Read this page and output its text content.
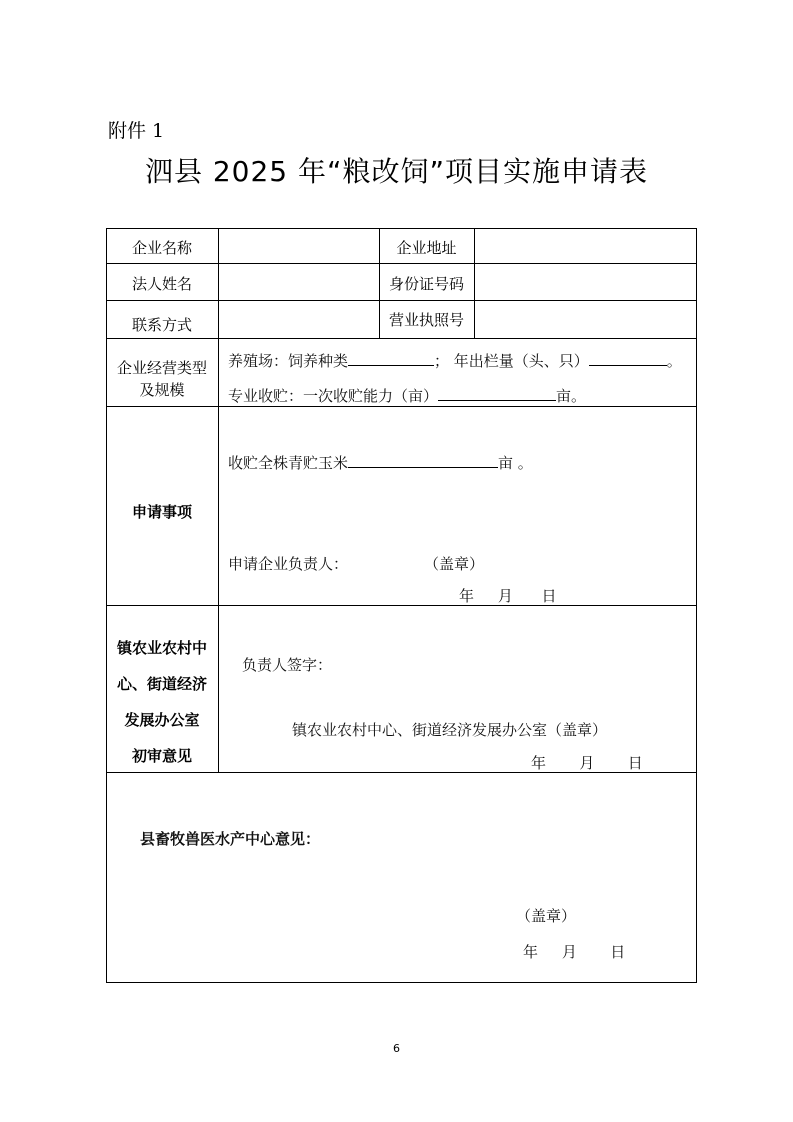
附件 1
泗县 2025 年“粮改饲”项目实施申请表
企业名称	企业地址
法人姓名	身份证号码
联系方式	营业执照号
企业经营类型
及规模
养殖场：饲养种类	； 年出栏量（头、只）	。
专业收贮：一次收贮能力（亩）	亩。
申请事项
收贮全株青贮玉米	亩 。
申请企业负责人：	（盖章）
年     月      日
镇农业农村中
心、街道经济
发展办公室
初审意见
负责人签字：
镇农业农村中心、街道经济发展办公室（盖章）
年       月       日
县畜牧兽医水产中心意见：
（盖章）
年     月       日
6
